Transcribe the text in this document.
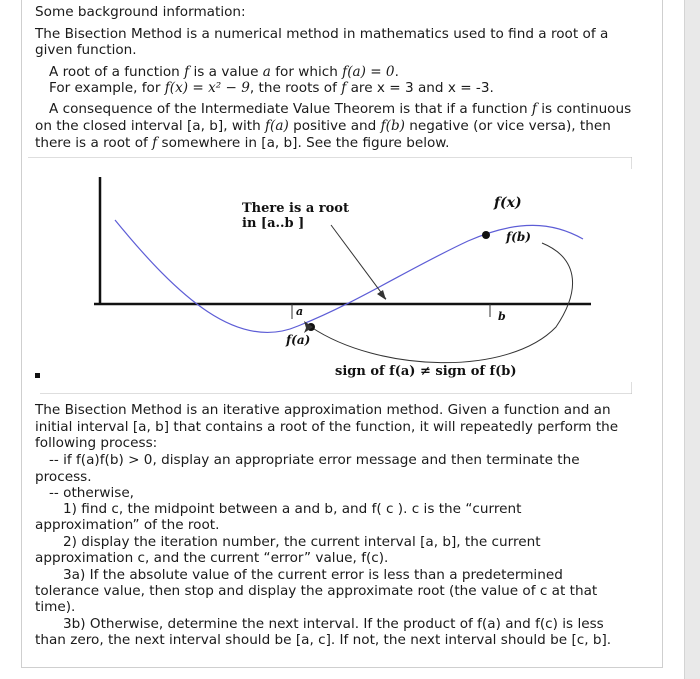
Some background information:

The Bisection Method is a numerical method in mathematics used to find a root of a

given function.

A root of a function f is a value a for which f(a) = 0.

For example, for f(x) = x² − 9, the roots of f are x = 3 and x = -3.

A consequence of the Intermediate Value Theorem is that if a function f is continuous

on the closed interval [a, b], with f(a) positive and f(b) negative (or vice versa), then

there is a root of f somewhere in [a, b]. See the figure below.

There is a root
in [a..b ]
f(x)
f(b)
a	b
f(a)
sign of f(a) ≠ sign of f(b)

The Bisection Method is an iterative approximation method. Given a function and an

initial interval [a, b] that contains a root of the function, it will repeatedly perform the

following process:

-- if f(a)f(b) > 0, display an appropriate error message and then terminate the

process.

-- otherwise,

1) find c, the midpoint between a and b, and f( c ). c is the “current

approximation” of the root.

2) display the iteration number, the current interval [a, b], the current

approximation c, and the current “error” value, f(c).

3a) If the absolute value of the current error is less than a predetermined

tolerance value, then stop and display the approximate root (the value of c at that

time).

3b) Otherwise, determine the next interval. If the product of f(a) and f(c) is less

than zero, the next interval should be [a, c]. If not, the next interval should be [c, b].
